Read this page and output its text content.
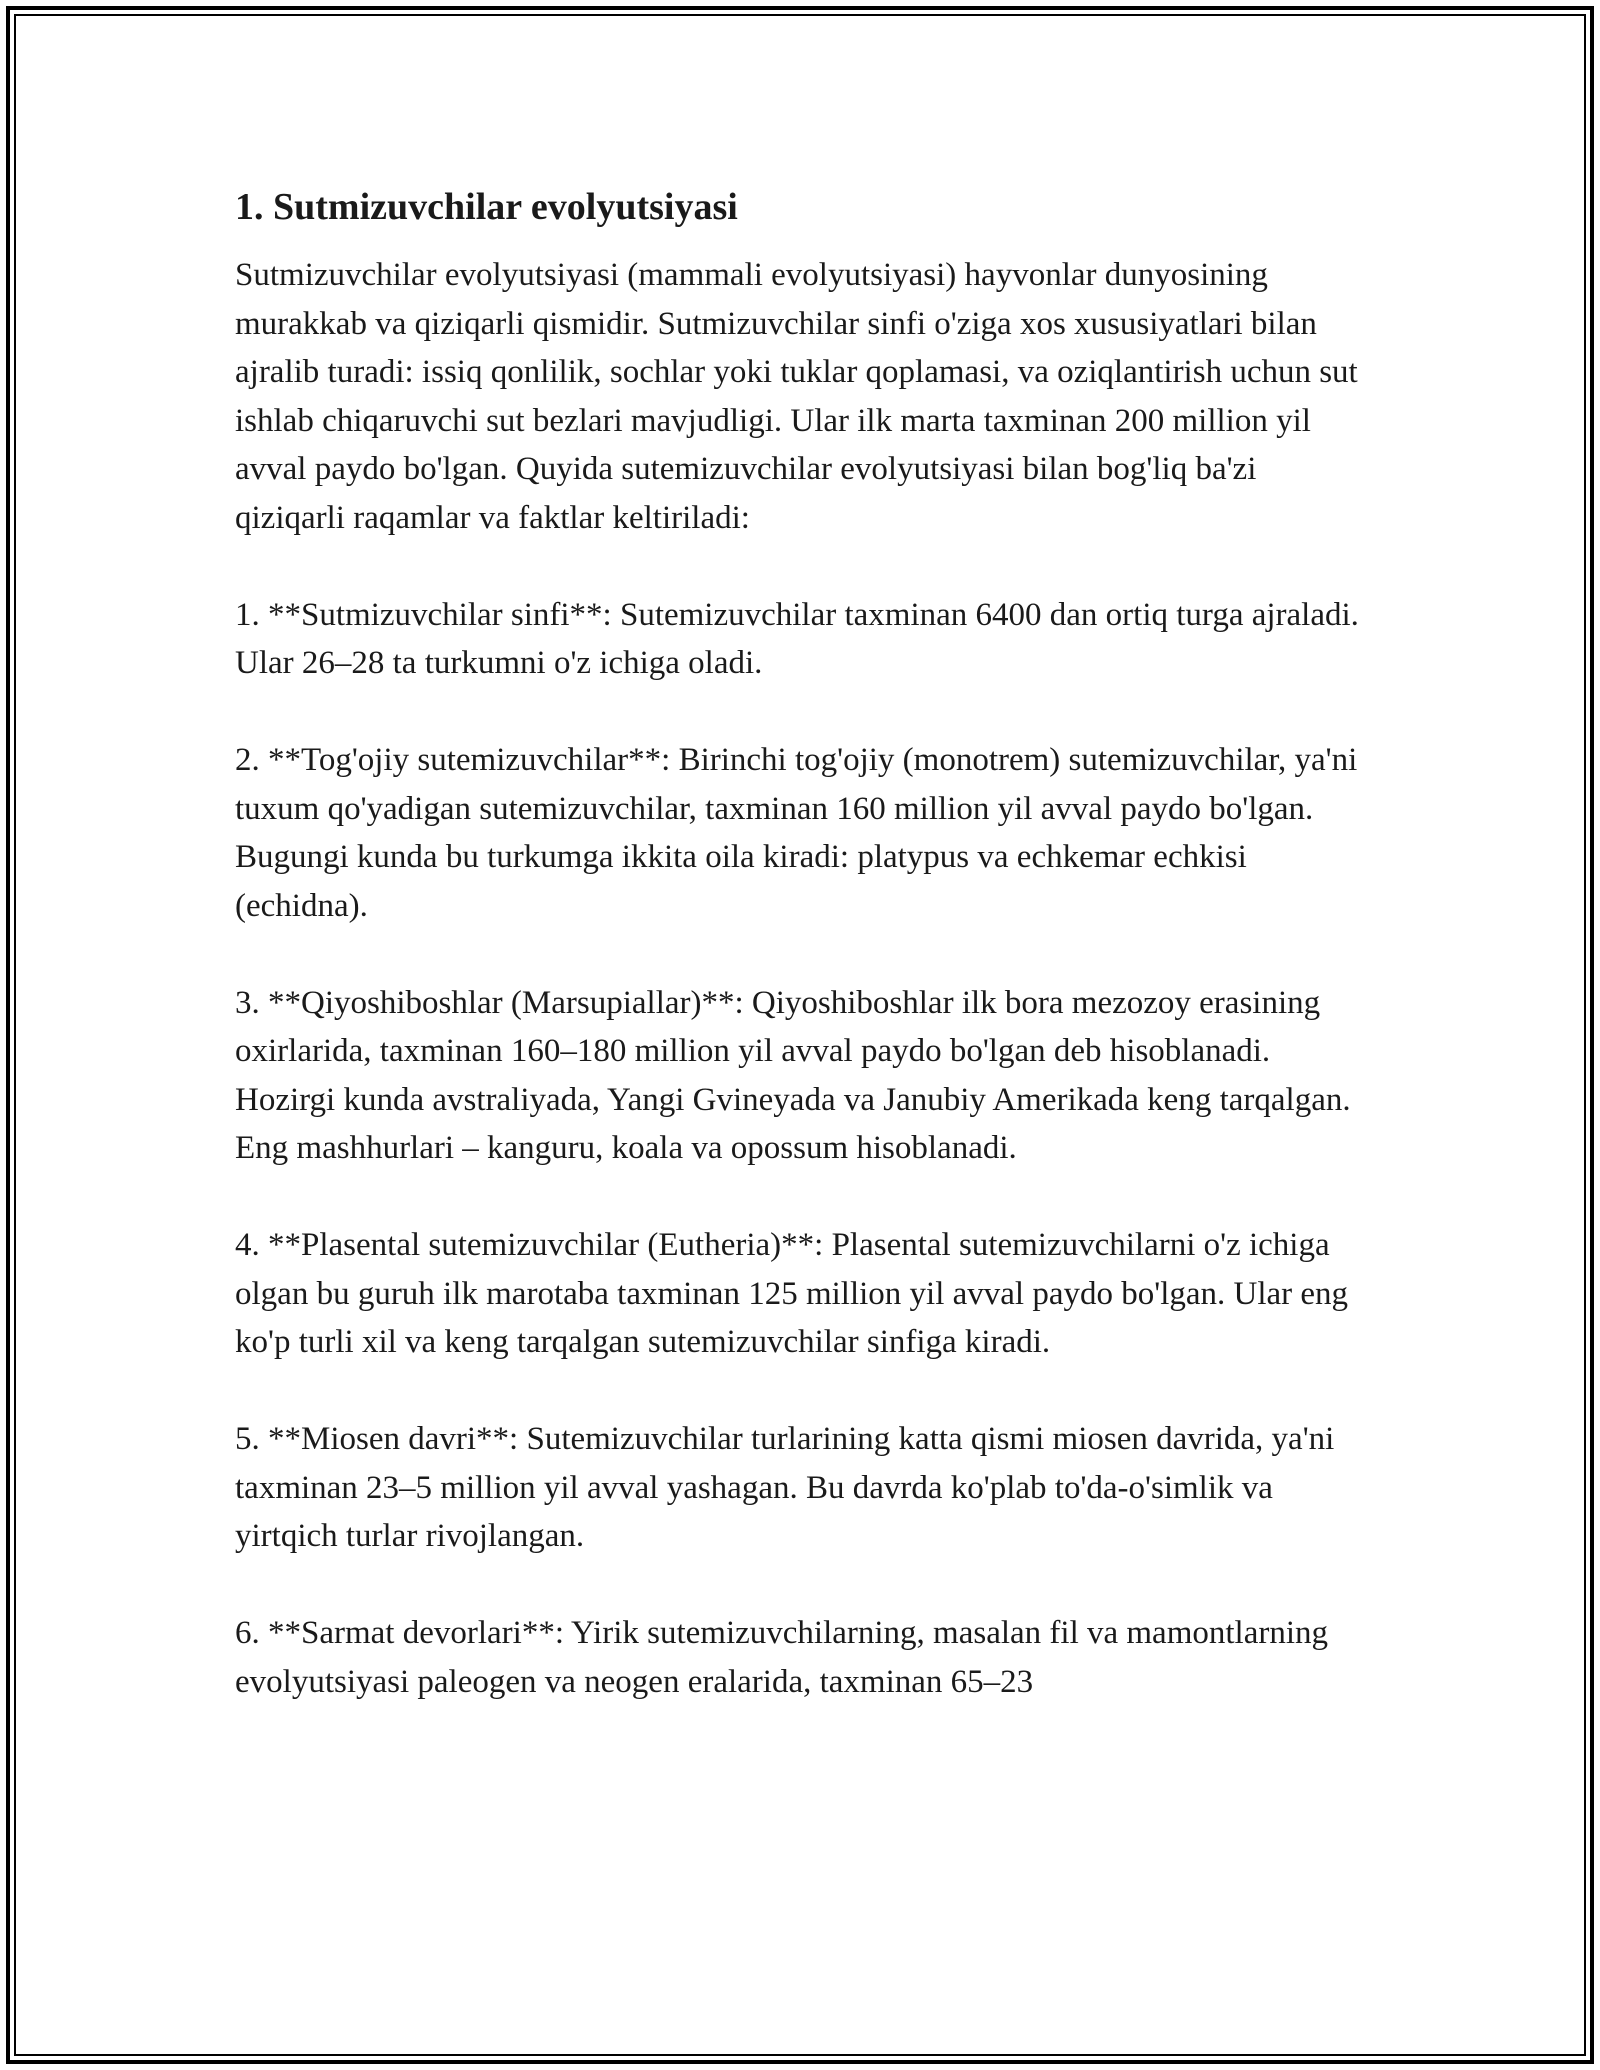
1. Sutmizuvchilar evolyutsiyasi
Sutmizuvchilar evolyutsiyasi (mammali evolyutsiyasi) hayvonlar dunyosining murakkab va qiziqarli qismidir. Sutmizuvchilar sinfi o'ziga xos xususiyatlari bilan ajralib turadi: issiq qonlilik, sochlar yoki tuklar qoplamasi, va oziqlantirish uchun sut ishlab chiqaruvchi sut bezlari mavjudligi. Ular ilk marta taxminan 200 million yil avval paydo bo'lgan. Quyida sutemizuvchilar evolyutsiyasi bilan bog'liq ba'zi qiziqarli raqamlar va faktlar keltiriladi:
1. **Sutmizuvchilar sinfi**: Sutemizuvchilar taxminan 6400 dan ortiq turga ajraladi. Ular 26–28 ta turkumni o'z ichiga oladi.
2. **Tog'ojiy sutemizuvchilar**: Birinchi tog'ojiy (monotrem) sutemizuvchilar, ya'ni tuxum qo'yadigan sutemizuvchilar, taxminan 160 million yil avval paydo bo'lgan. Bugungi kunda bu turkumga ikkita oila kiradi: platypus va echkemar echkisi (echidna).
3. **Qiyoshiboshlar (Marsupiallar)**: Qiyoshiboshlar ilk bora mezozoy erasining oxirlarida, taxminan 160–180 million yil avval paydo bo'lgan deb hisoblanadi. Hozirgi kunda avstraliyada, Yangi Gvineyada va Janubiy Amerikada keng tarqalgan. Eng mashhurlari – kanguru, koala va opossum hisoblanadi.
4. **Plasental sutemizuvchilar (Eutheria)**: Plasental sutemizuvchilarni o'z ichiga olgan bu guruh ilk marotaba taxminan 125 million yil avval paydo bo'lgan. Ular eng ko'p turli xil va keng tarqalgan sutemizuvchilar sinfiga kiradi.
5. **Miosen davri**: Sutemizuvchilar turlarining katta qismi miosen davrida, ya'ni taxminan 23–5 million yil avval yashagan. Bu davrda ko'plab to'da-o'simlik va yirtqich turlar rivojlangan.
6. **Sarmat devorlari**: Yirik sutemizuvchilarning, masalan fil va mamontlarning evolyutsiyasi paleogen va neogen eralarida, taxminan 65–23
